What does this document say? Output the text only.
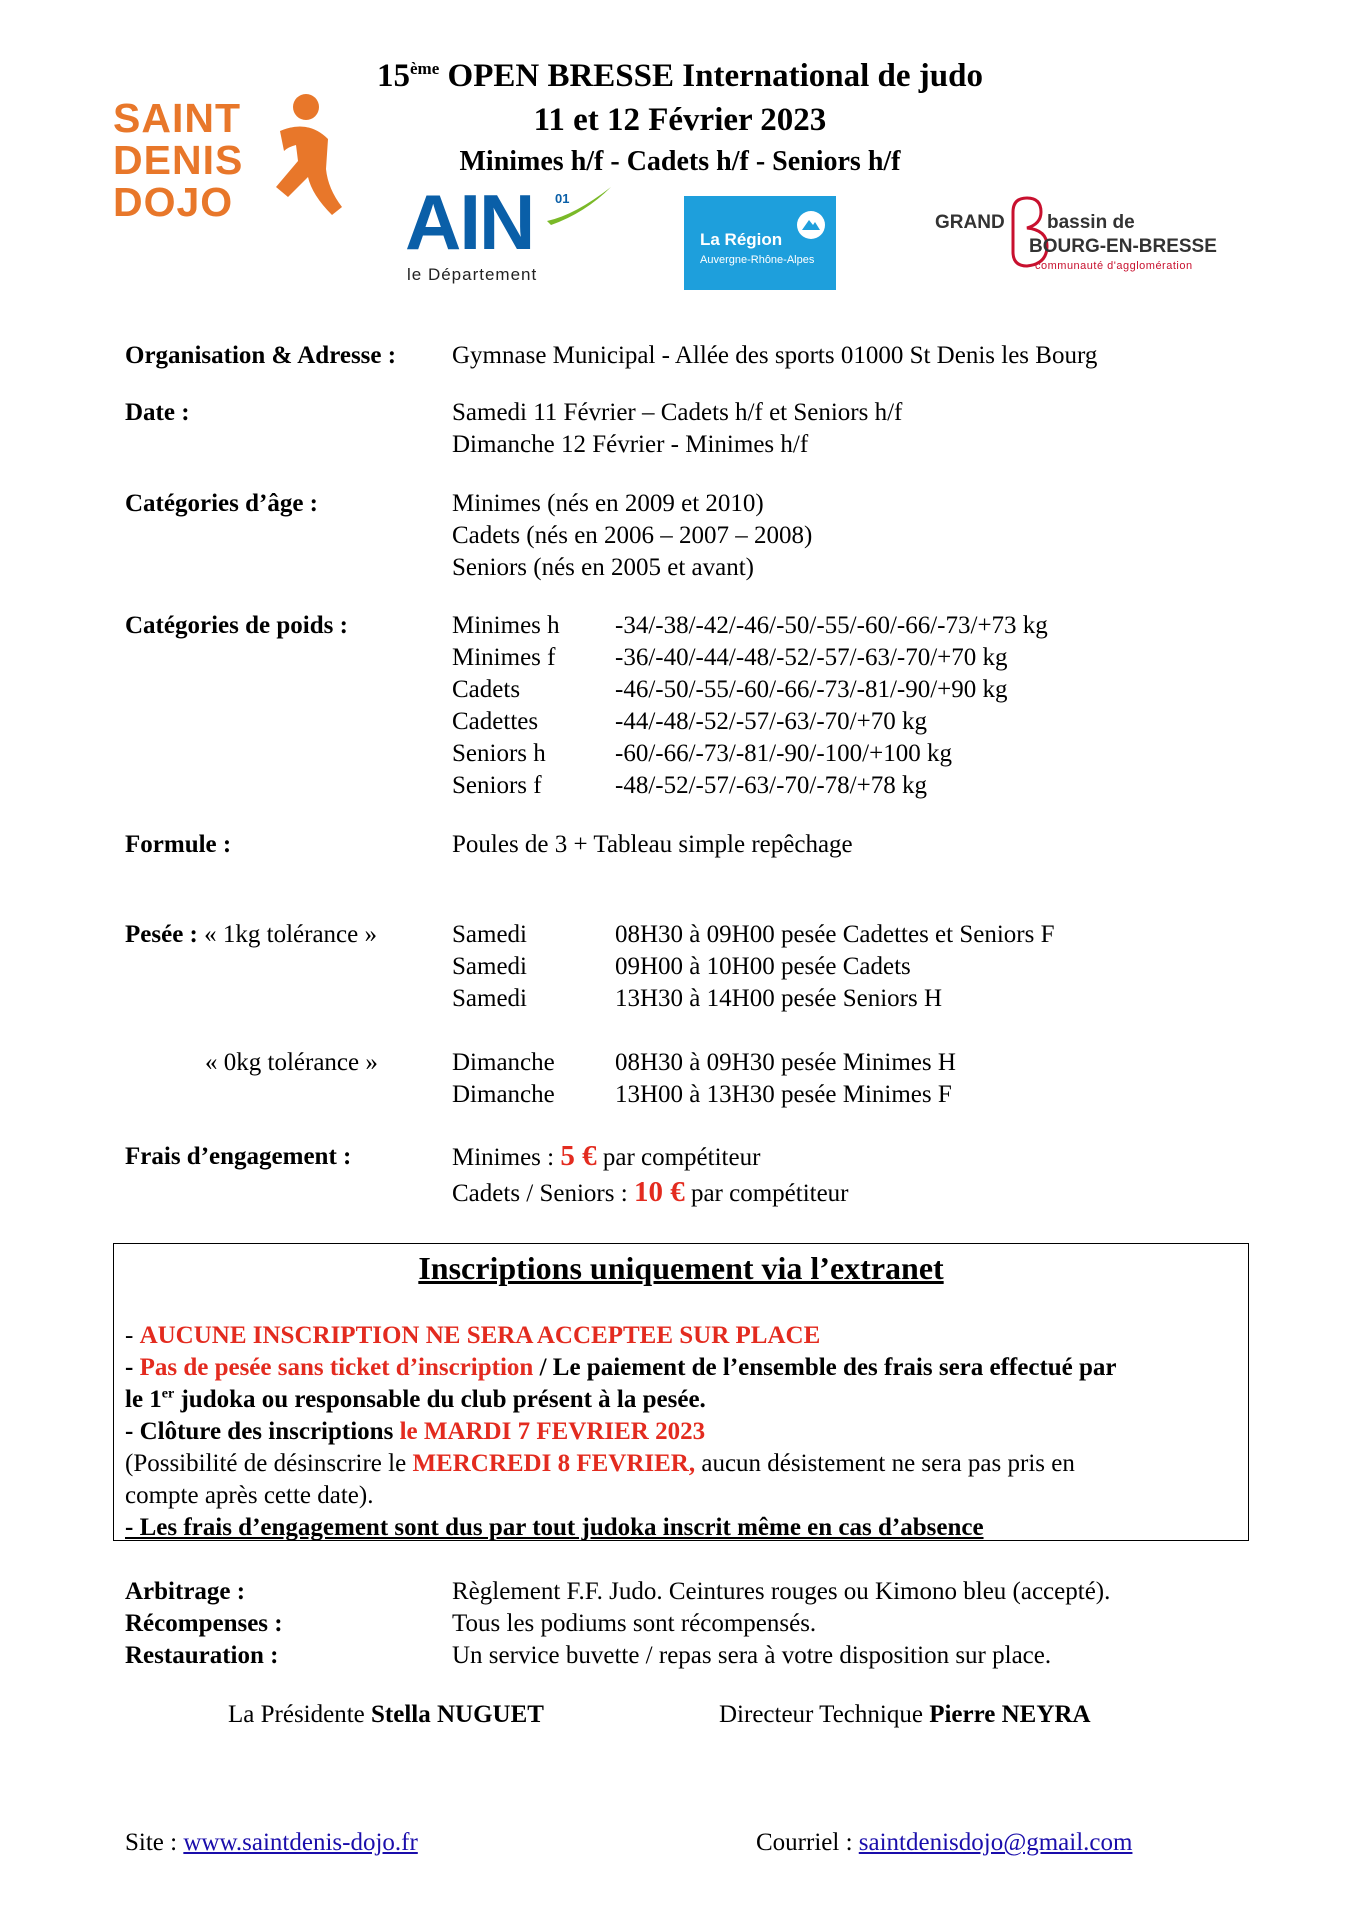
15ème OPEN BRESSE International de judo
11 et 12 Février 2023
Minimes h/f - Cadets h/f - Seniors h/f
SAINT
DENIS
DOJO	AIN 01
le Département
La Région
Auvergne-Rhône-Alpes
GRAND bassin de
BOURG-EN-BRESSE
communauté d'agglomération
Organisation & Adresse : Gymnase Municipal - Allée des sports 01000 St Denis les Bourg
Date :	Samedi 11 Février – Cadets h/f et Seniors h/f
Dimanche 12 Février - Minimes h/f
Catégories d’âge :	Minimes (nés en 2009 et 2010)
Cadets (nés en 2006 – 2007 – 2008)
Seniors (nés en 2005 et avant)
Catégories de poids :	Minimes h -34/-38/-42/-46/-50/-55/-60/-66/-73/+73 kg
Minimes f -36/-40/-44/-48/-52/-57/-63/-70/+70 kg
Cadets	-46/-50/-55/-60/-66/-73/-81/-90/+90 kg
Cadettes	-44/-48/-52/-57/-63/-70/+70 kg
Seniors h	-60/-66/-73/-81/-90/-100/+100 kg
Seniors f	-48/-52/-57/-63/-70/-78/+78 kg
Formule :	Poules de 3 + Tableau simple repêchage
Pesée : « 1kg tolérance »	Samedi	08H30 à 09H00 pesée Cadettes et Seniors F
Samedi	09H00 à 10H00 pesée Cadets
Samedi	13H30 à 14H00 pesée Seniors H
« 0kg tolérance »	Dimanche 08H30 à 09H30 pesée Minimes H
Dimanche 13H00 à 13H30 pesée Minimes F
Frais d’engagement :	Minimes : 5 € par compétiteur
Cadets / Seniors : 10 € par compétiteur
Inscriptions uniquement via l’extranet
- AUCUNE INSCRIPTION NE SERA ACCEPTEE SUR PLACE
- Pas de pesée sans ticket d’inscription / Le paiement de l’ensemble des frais sera effectué par
le 1er judoka ou responsable du club présent à la pesée.
- Clôture des inscriptions le MARDI 7 FEVRIER 2023
(Possibilité de désinscrire le MERCREDI 8 FEVRIER, aucun désistement ne sera pas pris en
compte après cette date).
- Les frais d’engagement sont dus par tout judoka inscrit même en cas d’absence
Arbitrage :	Règlement F.F. Judo. Ceintures rouges ou Kimono bleu (accepté).
Récompenses :	Tous les podiums sont récompensés.
Restauration :	Un service buvette / repas sera à votre disposition sur place.
La Présidente Stella NUGUET	Directeur Technique Pierre NEYRA
Site : www.saintdenis-dojo.fr	Courriel : saintdenisdojo@gmail.com
